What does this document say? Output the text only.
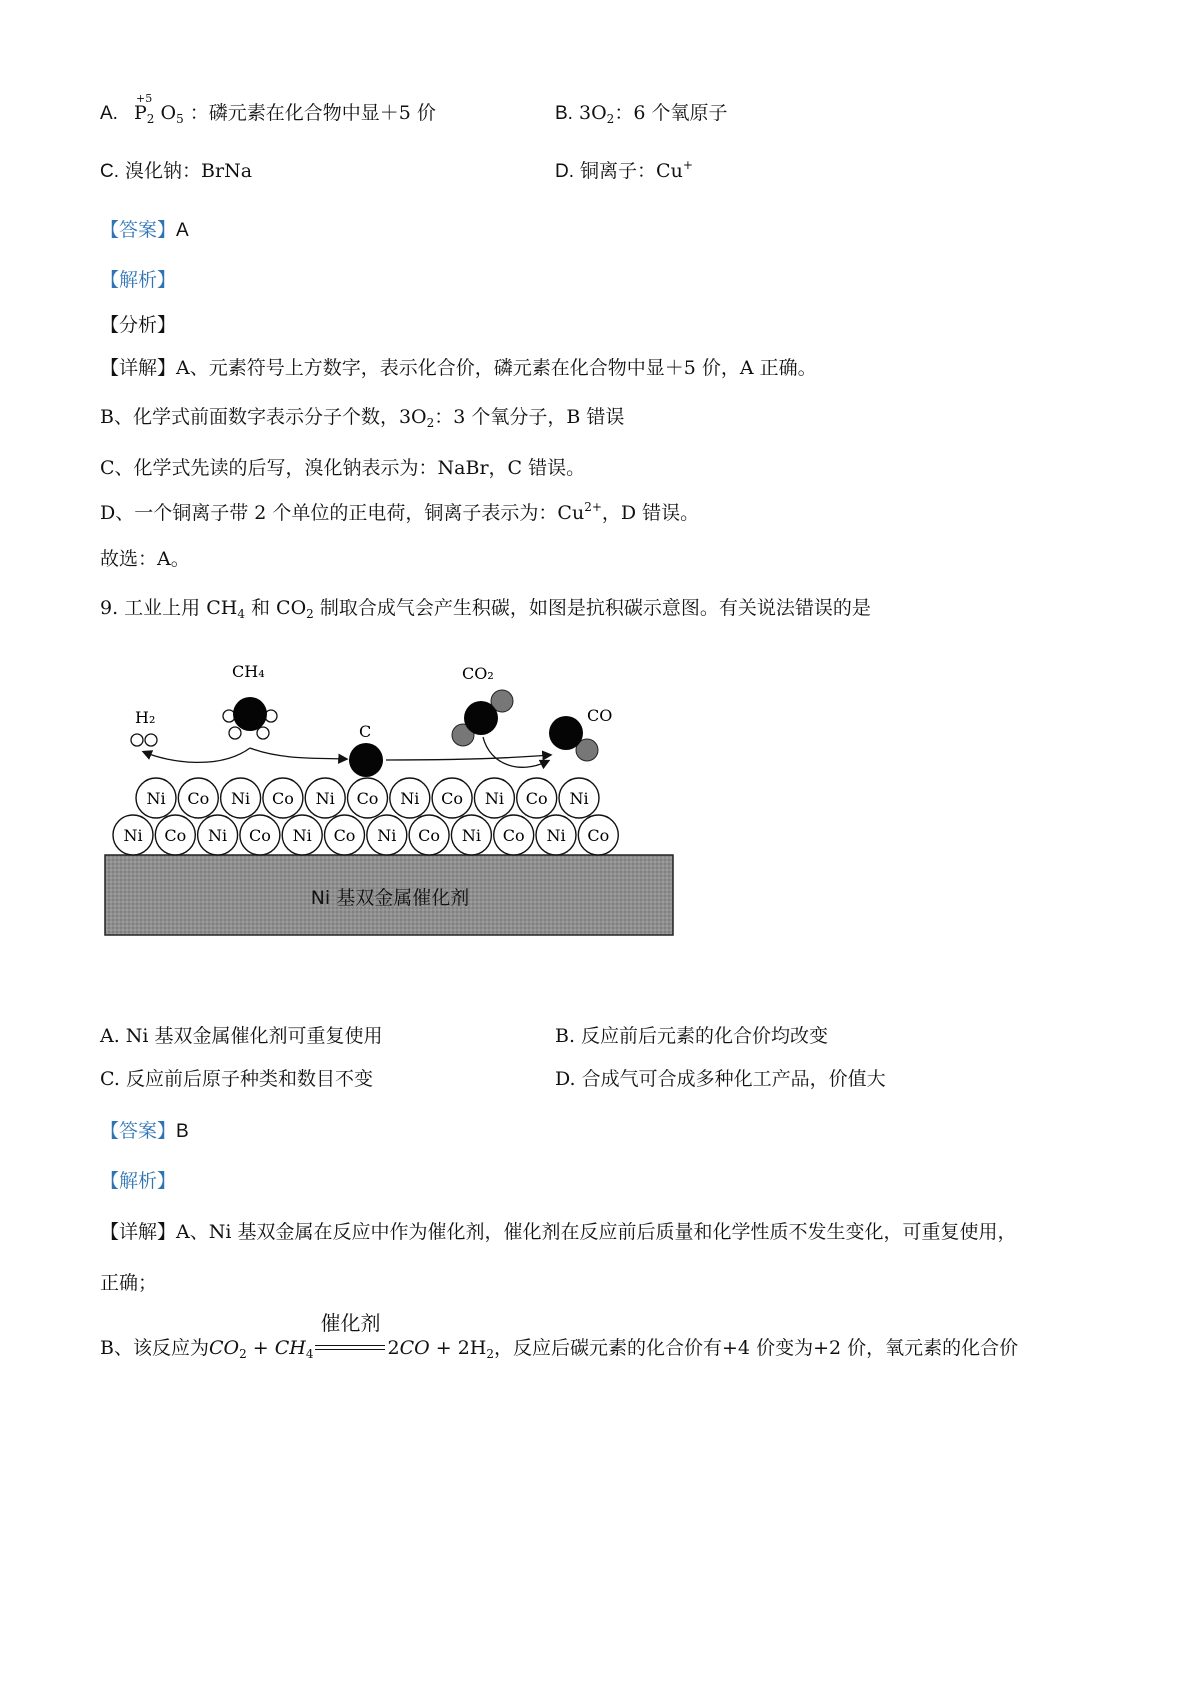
A.
+5
$P_2$ $O_5$ ：磷元素在化合物中显＋5 价	B. $3O_2$：6 个氧原子
C. 溴化钠：BrNa	D. 铜离子：Cu+
【答案】A
【解析】
【分析】
【详解】A、元素符号上方数字，表示化合价，磷元素在化合物中显＋5 价，A 正确。
B、化学式前面数字表示分子个数，$3O_2$：3 个氧分子，B 错误
C、化学式先读的后写，溴化钠表示为：NaBr，C 错误。
D、一个铜离子带 2 个单位的正电荷，铜离子表示为：$Cu^{2+}$，D 错误。
故选：A。
9. 工业上用 $CH_4$ 和 $CO_2$ 制取合成气会产生积碳，如图是抗积碳示意图。有关说法错误的是
Ni 基双金属催化剂
Ni Co Ni Co Ni Co Ni Co Ni Co Ni Co
Ni Co Ni Co Ni Co Ni Co Ni Co Ni
H₂
CH₄
C
CO₂
CO
A. Ni 基双金属催化剂可重复使用	B. 反应前后元素的化合价均改变
C. 反应前后原子种类和数目不变	D. 合成气可合成多种化工产品，价值大
【答案】B
【解析】
【详解】A、Ni 基双金属在反应中作为催化剂，催化剂在反应前后质量和化学性质不发生变化，可重复使用，
正确；
B、该反应为$CO_2 + CH_4$
催化剂
$2CO + 2H_2$，反应后碳元素的化合价有+4 价变为+2 价，氧元素的化合价
